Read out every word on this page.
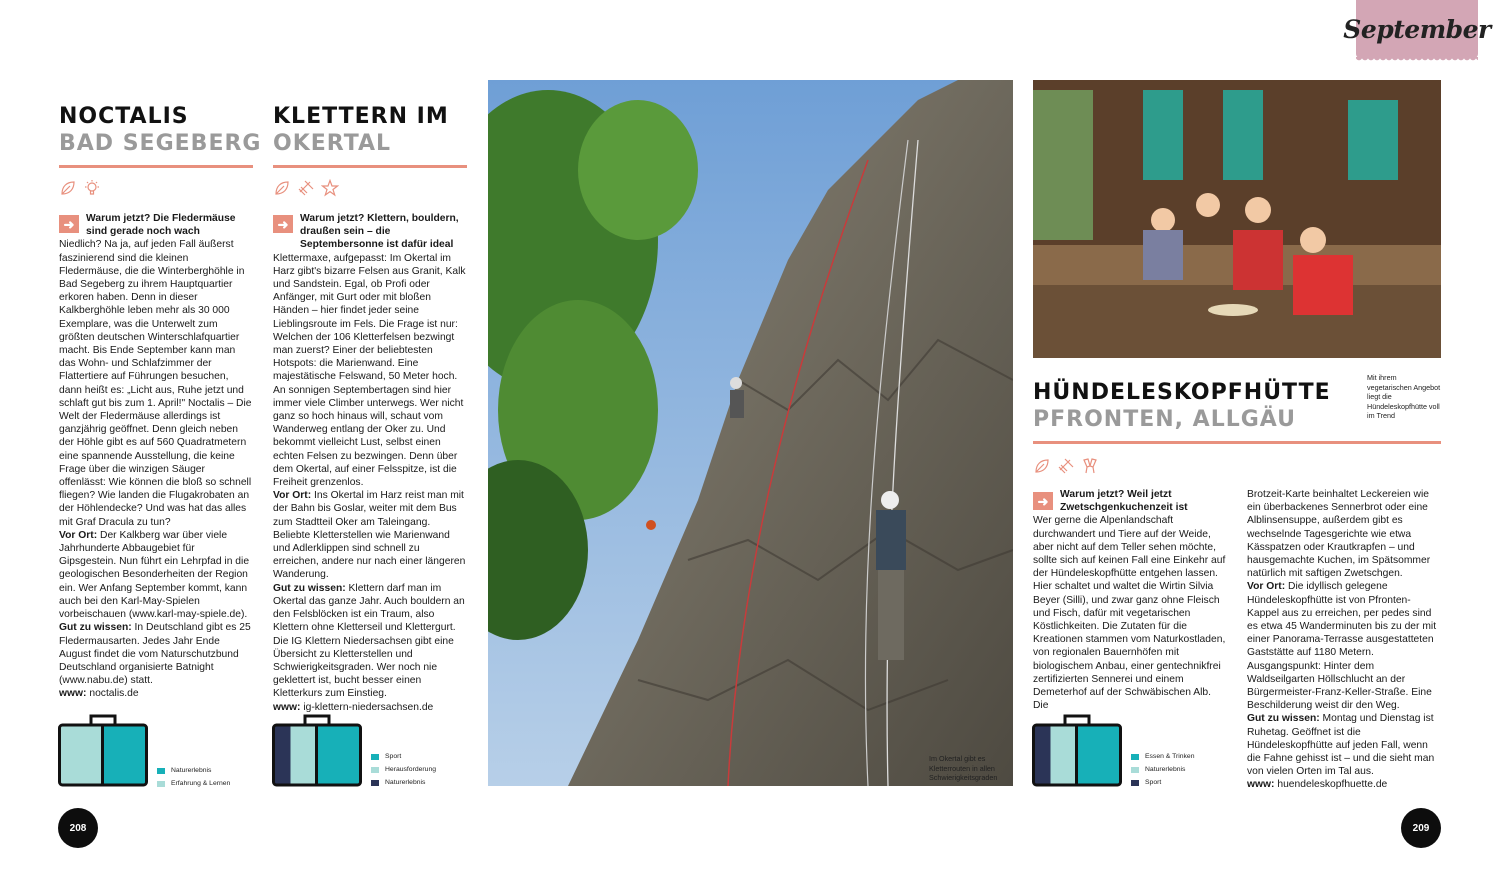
September
NOCTALIS
BAD SEGEBERG
➜	Warum jetzt? Die Fledermäuse sind gerade noch wach

Niedlich? Na ja, auf jeden Fall äußerst faszinierend sind die kleinen Fledermäuse, die die Winterberghöhle in Bad Segeberg zu ihrem Hauptquartier erkoren haben. Denn in dieser Kalkberghöhle leben mehr als 30 000 Exemplare, was die Unterwelt zum größten deutschen Winterschlafquartier macht. Bis Ende September kann man das Wohn- und Schlafzimmer der Flattertiere auf Führungen besuchen, dann heißt es: „Licht aus, Ruhe jetzt und schlaft gut bis zum 1. April!" Noctalis – Die Welt der Fledermäuse allerdings ist ganzjährig geöffnet. Denn gleich neben der Höhle gibt es auf 560 Quadratmetern eine spannende Ausstellung, die keine Frage über die winzigen Säuger offenlässt: Wie können die bloß so schnell fliegen? Wie landen die Flugakrobaten an der Höhlendecke? Und was hat das alles mit Graf Dracula zu tun?

Vor Ort: Der Kalkberg war über viele Jahrhunderte Abbaugebiet für Gipsgestein. Nun führt ein Lehrpfad in die geologischen Besonderheiten der Region ein. Wer Anfang September kommt, kann auch bei den Karl-May-Spielen vorbeischauen (www.karl-may-spiele.de).

Gut zu wissen: In Deutschland gibt es 25 Fledermausarten. Jedes Jahr Ende August findet die vom Naturschutzbund Deutschland organisierte Batnight (www.nabu.de) statt.

www: noctalis.de

Naturerlebnis
Erfahrung & Lernen
208
KLETTERN IM
OKERTAL
➜	Warum jetzt? Klettern, bouldern, draußen sein – die Septembersonne ist dafür ideal

Klettermaxe, aufgepasst: Im Okertal im Harz gibt's bizarre Felsen aus Granit, Kalk und Sandstein. Egal, ob Profi oder Anfänger, mit Gurt oder mit bloßen Händen – hier findet jeder seine Lieblingsroute im Fels. Die Frage ist nur: Welchen der 106 Kletterfelsen bezwingt man zuerst? Einer der beliebtesten Hotspots: die Marienwand. Eine majestätische Felswand, 50 Meter hoch. An sonnigen Septembertagen sind hier immer viele Climber unterwegs. Wer nicht ganz so hoch hinaus will, schaut vom Wanderweg entlang der Oker zu. Und bekommt vielleicht Lust, selbst einen echten Felsen zu bezwingen. Denn über dem Okertal, auf einer Felsspitze, ist die Freiheit grenzenlos.

Vor Ort: Ins Okertal im Harz reist man mit der Bahn bis Goslar, weiter mit dem Bus zum Stadtteil Oker am Taleingang. Beliebte Kletterstellen wie Marienwand und Adlerklippen sind schnell zu erreichen, andere nur nach einer längeren Wanderung.

Gut zu wissen: Klettern darf man im Okertal das ganze Jahr. Auch bouldern an den Felsblöcken ist ein Traum, also Klettern ohne Kletterseil und Klettergurt. Die IG Klettern Niedersachsen gibt eine Übersicht zu Kletterstellen und Schwierigkeitsgraden. Wer noch nie geklettert ist, bucht besser einen Kletterkurs zum Einstieg.

www: ig-klettern-niedersachsen.de

Sport
Herausforderung
Naturerlebnis
Im Okertal gibt es Kletterrouten in allen Schwierigkeitsgraden
Mit ihrem vegetarischen Angebot liegt die Hündeleskopfhütte voll im Trend
HÜNDELESKOPFHÜTTE
PFRONTEN, ALLGÄU
➜	Warum jetzt? Weil jetzt Zwetschgenkuchenzeit ist

Wer gerne die Alpenlandschaft durchwandert und Tiere auf der Weide, aber nicht auf dem Teller sehen möchte, sollte sich auf keinen Fall eine Einkehr auf der Hündeleskopfhütte entgehen lassen. Hier schaltet und waltet die Wirtin Silvia Beyer (Silli), und zwar ganz ohne Fleisch und Fisch, dafür mit vegetarischen Köstlichkeiten. Die Zutaten für die Kreationen stammen vom Naturkostladen, von regionalen Bauernhöfen mit biologischem Anbau, einer gentechnikfrei zertifizierten Sennerei und einem Demeterhof auf der Schwäbischen Alb. Die

Essen & Trinken
Naturerlebnis
Sport

Brotzeit-Karte beinhaltet Leckereien wie ein überbackenes Sennerbrot oder eine Alblinsensuppe, außerdem gibt es wechselnde Tagesgerichte wie etwa Kässpatzen oder Krautkrapfen – und hausgemachte Kuchen, im Spätsommer natürlich mit saftigen Zwetschgen.

Vor Ort: Die idyllisch gelegene Hündeleskopfhütte ist von Pfronten-Kappel aus zu erreichen, per pedes sind es etwa 45 Wanderminuten bis zu der mit einer Panorama-Terrasse ausgestatteten Gaststätte auf 1180 Metern. Ausgangspunkt: Hinter dem Waldseilgarten Höllschlucht an der Bürgermeister-Franz-Keller-Straße. Eine Beschilderung weist dir den Weg.

Gut zu wissen: Montag und Dienstag ist Ruhetag. Geöffnet ist die Hündeleskopfhütte auf jeden Fall, wenn die Fahne gehisst ist – und die sieht man von vielen Orten im Tal aus.

www: huendeleskopfhuette.de

209
